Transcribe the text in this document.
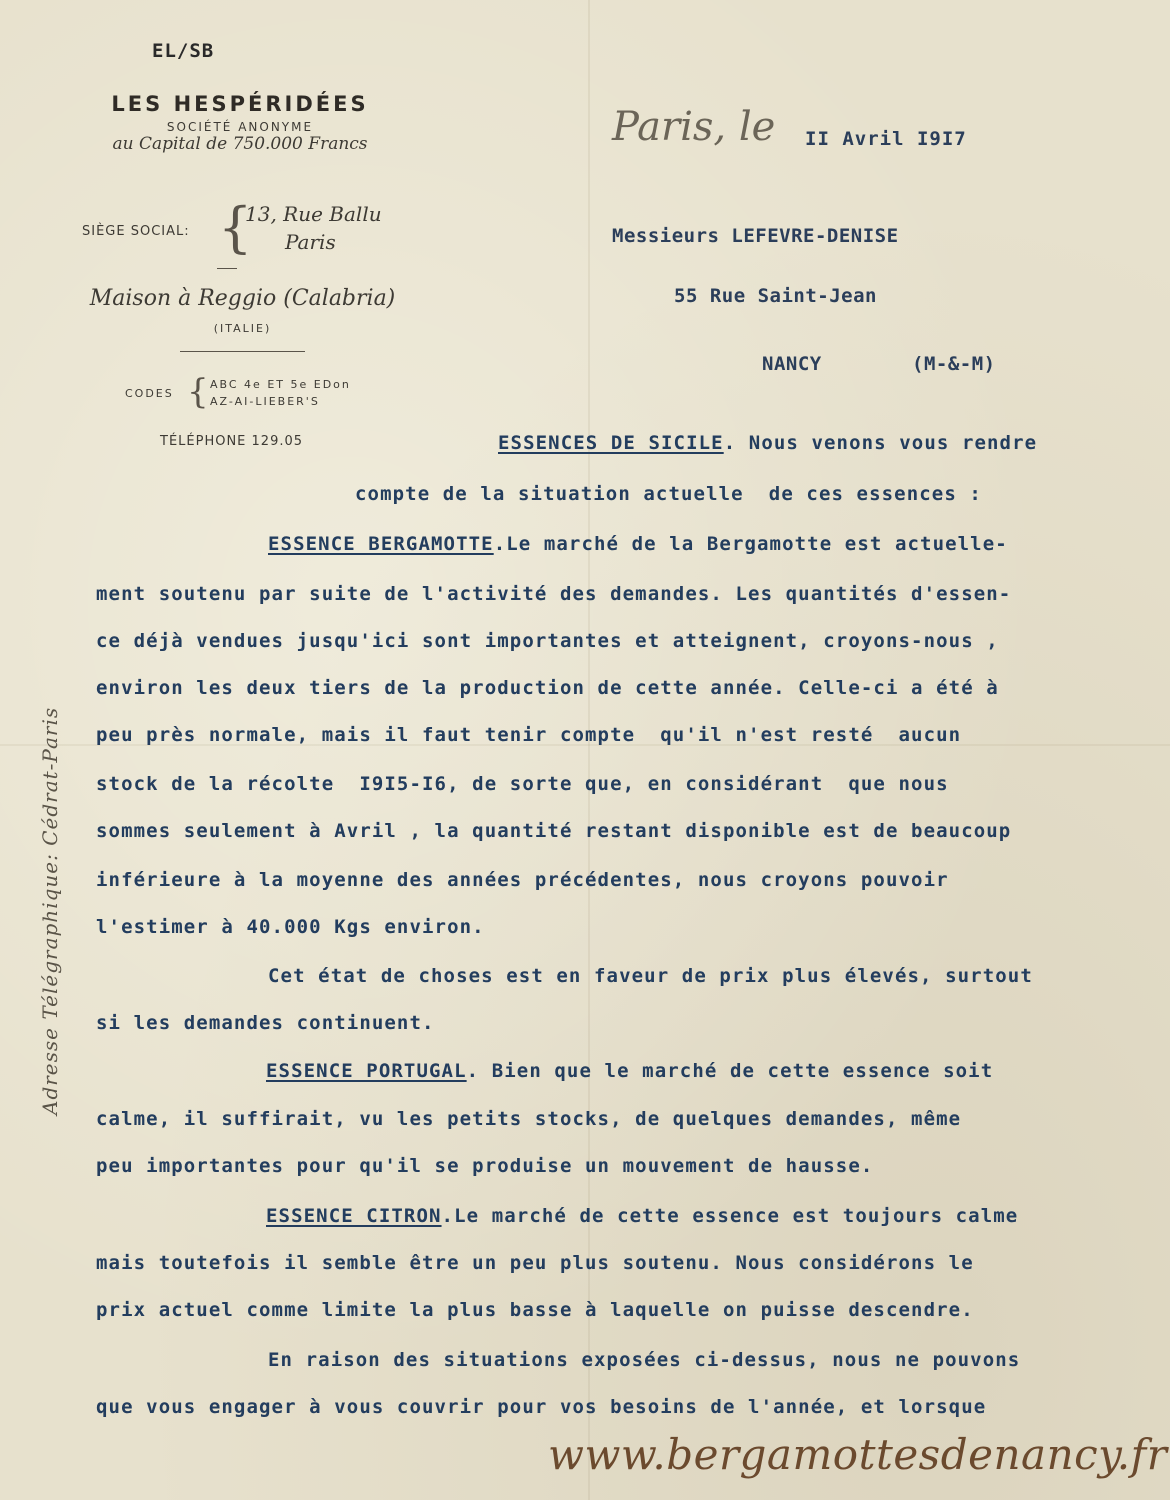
EL/SB
LES HESPÉRIDÉES
SOCIÉTÉ ANONYME
au Capital de 750.000 Francs
SIÈGE SOCIAL: {
13, Rue Ballu
Paris
Maison à Reggio (Calabria)
(ITALIE)
CODES { ABC 4e ET 5e EDon
AZ-AI-LIEBER'S
TÉLÉPHONE 129.05
Adresse Télégraphique: Cédrat-Paris
Paris, le II Avril I9I7
Messieurs LEFEVRE-DENISE
55 Rue Saint-Jean
NANCY	(M-&-M)
ESSENCES DE SICILE. Nous venons vous rendre
compte de la situation actuelle  de ces essences :
ESSENCE BERGAMOTTE.Le marché de la Bergamotte est actuelle-
ment soutenu par suite de l'activité des demandes. Les quantités d'essen-
ce déjà vendues jusqu'ici sont importantes et atteignent, croyons-nous ,
environ les deux tiers de la production de cette année. Celle-ci a été à
peu près normale, mais il faut tenir compte  qu'il n'est resté  aucun
stock de la récolte  I9I5-I6, de sorte que, en considérant  que nous
sommes seulement à Avril , la quantité restant disponible est de beaucoup
inférieure à la moyenne des années précédentes, nous croyons pouvoir
l'estimer à 40.000 Kgs environ.
Cet état de choses est en faveur de prix plus élevés, surtout
si les demandes continuent.
ESSENCE PORTUGAL. Bien que le marché de cette essence soit
calme, il suffirait, vu les petits stocks, de quelques demandes, même
peu importantes pour qu'il se produise un mouvement de hausse.
ESSENCE CITRON.Le marché de cette essence est toujours calme
mais toutefois il semble être un peu plus soutenu. Nous considérons le
prix actuel comme limite la plus basse à laquelle on puisse descendre.
En raison des situations exposées ci-dessus, nous ne pouvons
que vous engager à vous couvrir pour vos besoins de l'année, et lorsque
www.bergamottesdenancy.fr
